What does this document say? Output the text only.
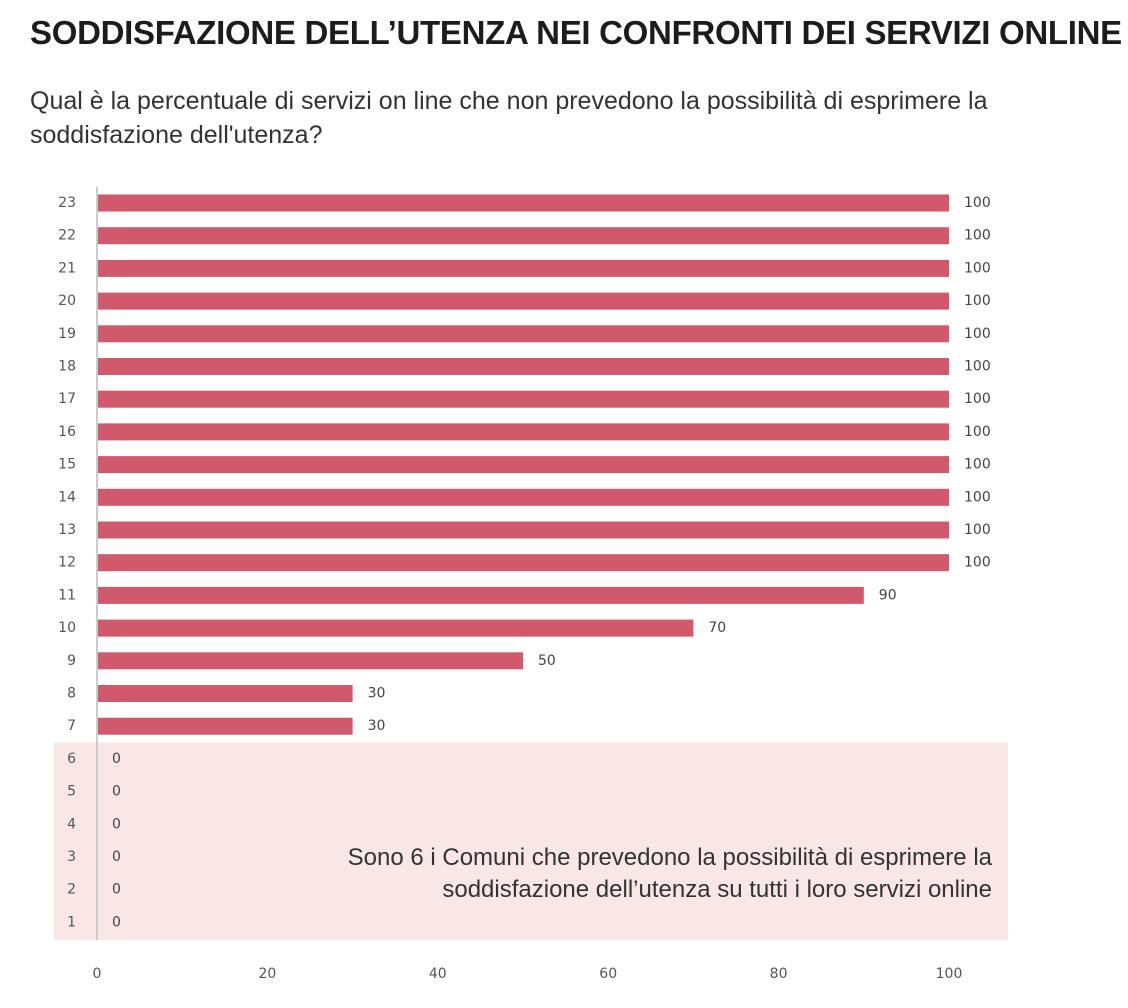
SODDISFAZIONE DELL’UTENZA NEI CONFRONTI DEI SERVIZI ONLINE

Qual è la percentuale di servizi on line che non prevedono la possibilità di esprimere la soddisfazione dell'utenza?

23	100
22	100
21	100
20	100
19	100
18	100
17	100
16	100
15	100
14	100
13	100
12	100
11	90
10	70
9	50
8	30
7	30
6	0
5	0
4	0
3	0
2	0
1	0
0	20	40	60	80	100
Sono 6 i Comuni che prevedono la possibilità di esprimere la
soddisfazione dell’utenza su tutti i loro servizi online
